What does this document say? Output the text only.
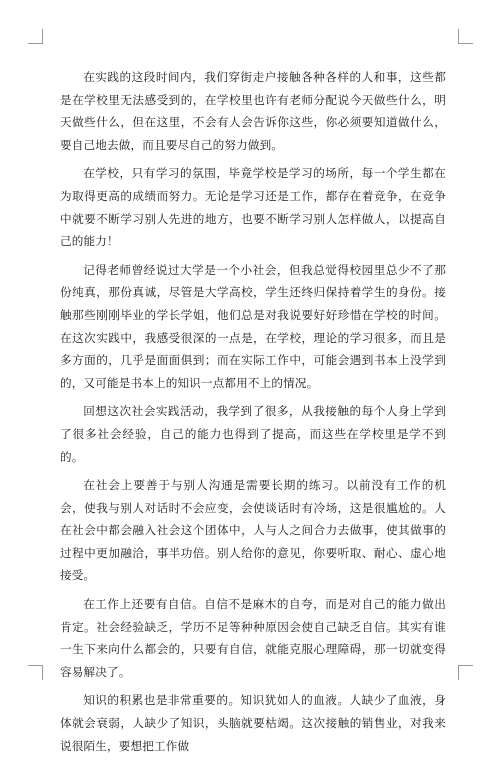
在实践的这段时间内，我们穿街走户接触各种各样的人和事，这些都是在学校里无法感受到的，在学校里也许有老师分配说今天做些什么，明天做些什么，但在这里，不会有人会告诉你这些，你必须要知道做什么，要自己地去做，而且要尽自己的努力做到。

在学校，只有学习的氛围，毕竟学校是学习的场所，每一个学生都在为取得更高的成绩而努力。无论是学习还是工作，都存在着竞争，在竞争中就要不断学习别人先进的地方，也要不断学习别人怎样做人，以提高自己的能力！

记得老师曾经说过大学是一个小社会，但我总觉得校园里总少不了那份纯真，那份真诚，尽管是大学高校，学生还终归保持着学生的身份。接触那些刚刚毕业的学长学姐，他们总是对我说要好好珍惜在学校的时间。在这次实践中，我感受很深的一点是，在学校，理论的学习很多，而且是多方面的，几乎是面面俱到；而在实际工作中，可能会遇到书本上没学到的，又可能是书本上的知识一点都用不上的情况。

回想这次社会实践活动，我学到了很多，从我接触的每个人身上学到了很多社会经验，自己的能力也得到了提高，而这些在学校里是学不到的。

在社会上要善于与别人沟通是需要长期的练习。以前没有工作的机会，使我与别人对话时不会应变，会使谈话时有冷场，这是很尴尬的。人在社会中都会融入社会这个团体中，人与人之间合力去做事，使其做事的过程中更加融洽，事半功倍。别人给你的意见，你要听取、耐心、虚心地接受。

在工作上还要有自信。自信不是麻木的自夸，而是对自己的能力做出肯定。社会经验缺乏，学历不足等种种原因会使自己缺乏自信。其实有谁一生下来向什么都会的，只要有自信，就能克服心理障碍，那一切就变得容易解决了。

知识的积累也是非常重要的。知识犹如人的血液。人缺少了血液，身体就会衰弱，人缺少了知识，头脑就要枯竭。这次接触的销售业，对我来说很陌生，要想把工作做
